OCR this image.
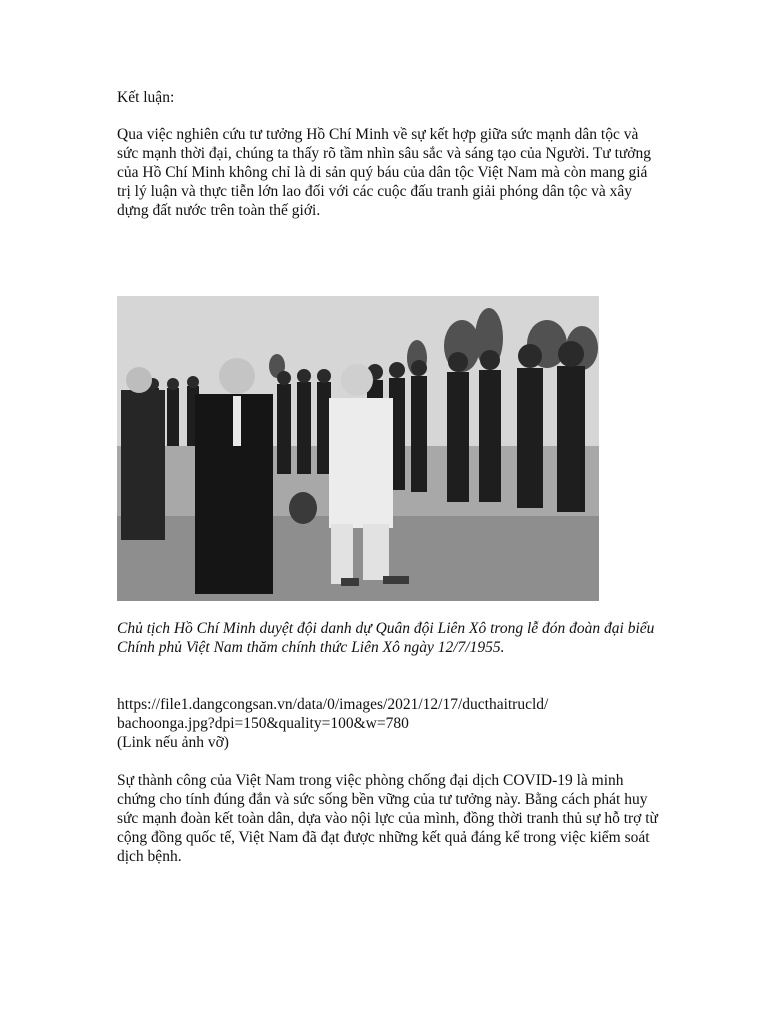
Kết luận:

Qua việc nghiên cứu tư tưởng Hồ Chí Minh về sự kết hợp giữa sức mạnh dân tộc và sức mạnh thời đại, chúng ta thấy rõ tầm nhìn sâu sắc và sáng tạo của Người. Tư tưởng của Hồ Chí Minh không chỉ là di sản quý báu của dân tộc Việt Nam mà còn mang giá trị lý luận và thực tiễn lớn lao đối với các cuộc đấu tranh giải phóng dân tộc và xây dựng đất nước trên toàn thế giới.

Chủ tịch Hồ Chí Minh duyệt đội danh dự Quân đội Liên Xô trong lễ đón đoàn đại biểu Chính phủ Việt Nam thăm chính thức Liên Xô ngày 12/7/1955.

https://file1.dangcongsan.vn/data/0/images/2021/12/17/ducthaitrucld/
bachoonga.jpg?dpi=150&quality=100&w=780
(Link nếu ảnh vỡ)

Sự thành công của Việt Nam trong việc phòng chống đại dịch COVID-19 là minh chứng cho tính đúng đắn và sức sống bền vững của tư tưởng này. Bằng cách phát huy sức mạnh đoàn kết toàn dân, dựa vào nội lực của mình, đồng thời tranh thủ sự hỗ trợ từ cộng đồng quốc tế, Việt Nam đã đạt được những kết quả đáng kể trong việc kiểm soát dịch bệnh.
